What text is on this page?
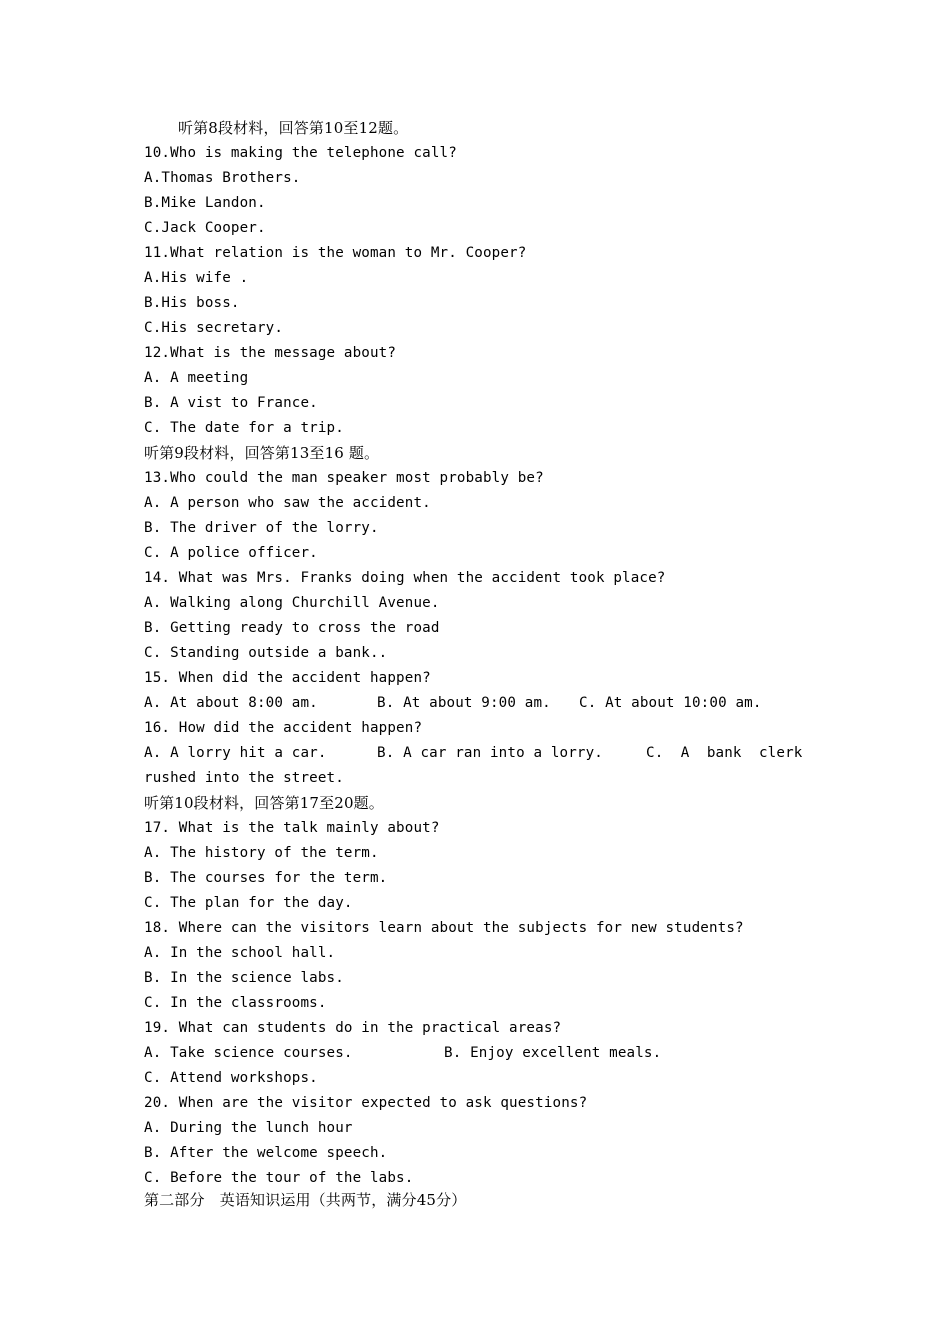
听第8段材料，回答第10至12题。
10.Who is making the telephone call?
A.Thomas Brothers.
B.Mike Landon.
C.Jack Cooper.
11.What relation is the woman to Mr. Cooper?
A.His wife .
B.His boss.
C.His secretary.
12.What is the message about?
A. A meeting
B. A vist to France.
C. The date for a trip.
听第9段材料，回答第13至16 题。
13.Who could the man speaker most probably be?
A. A person who saw the accident.
B. The driver of the lorry.
C. A police officer.
14. What was Mrs. Franks doing when the accident took place?
A. Walking along Churchill Avenue.
B. Getting ready to cross the road
C. Standing outside a bank..
15. When did the accident happen?
A. At about 8:00 am.	B. At about 9:00 am. C. At about 10:00 am.
16. How did the accident happen?
A. A lorry hit a car.	B. A car ran into a lorry.	C.  A  bank  clerk
rushed into the street.
听第10段材料，回答第17至20题。
17. What is the talk mainly about?
A. The history of the term.
B. The courses for the term.
C. The plan for the day.
18. Where can the visitors learn about the subjects for new students?
A. In the school hall.
B. In the science labs.
C. In the classrooms.
19. What can students do in the practical areas?
A. Take science courses.	B. Enjoy excellent meals.
C. Attend workshops.
20. When are the visitor expected to ask questions?
A. During the lunch hour
B. After the welcome speech.
C. Before the tour of the labs.
第二部分　英语知识运用（共两节，满分45分）
